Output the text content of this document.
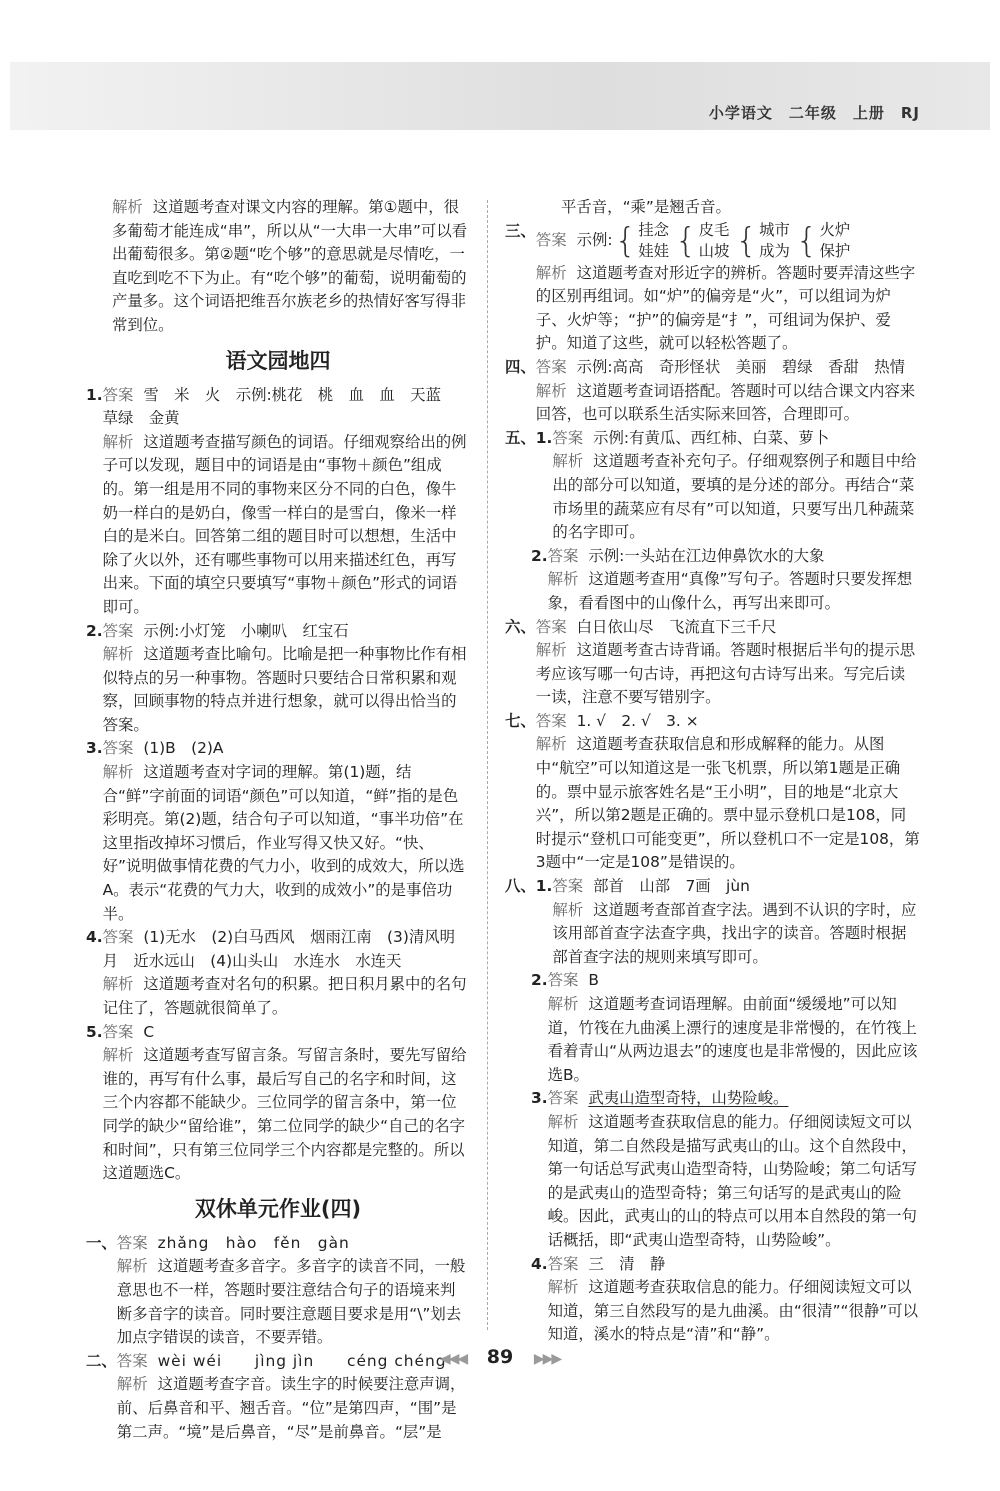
小学语文　二年级　上册　RJ

解析 这道题考查对课文内容的理解。第①题中，很多葡萄才能连成“串”，所以从“一大串一大串”可以看出葡萄很多。第②题“吃个够”的意思就是尽情吃，一直吃到吃不下为止。有“吃个够”的葡萄，说明葡萄的产量多。这个词语把维吾尔族老乡的热情好客写得非常到位。

语文园地四
1. 答案 雪　米　火　示例:桃花　桃　血　血　天蓝　草绿　金黄

解析 这道题考查描写颜色的词语。仔细观察给出的例子可以发现，题目中的词语是由“事物＋颜色”组成的。第一组是用不同的事物来区分不同的白色，像牛奶一样白的是奶白，像雪一样白的是雪白，像米一样白的是米白。回答第二组的题目时可以想想，生活中除了火以外，还有哪些事物可以用来描述红色，再写出来。下面的填空只要填写“事物＋颜色”形式的词语即可。

2. 答案 示例:小灯笼　小喇叭　红宝石

解析 这道题考查比喻句。比喻是把一种事物比作有相似特点的另一种事物。答题时只要结合日常积累和观察，回顾事物的特点并进行想象，就可以得出恰当的答案。

3. 答案 (1)B　(2)A

解析 这道题考查对字词的理解。第(1)题，结合“鲜”字前面的词语“颜色”可以知道，“鲜”指的是色彩明亮。第(2)题，结合句子可以知道，“事半功倍”在这里指改掉坏习惯后，作业写得又快又好。“快、好”说明做事情花费的气力小，收到的成效大，所以选A。表示“花费的气力大，收到的成效小”的是事倍功半。

4. 答案 (1)无水　(2)白马西风　烟雨江南　(3)清风明月　近水远山　(4)山头山　水连水　水连天

解析 这道题考查对名句的积累。把日积月累中的名句记住了，答题就很简单了。

5. 答案 C

解析 这道题考查写留言条。写留言条时，要先写留给谁的，再写有什么事，最后写自己的名字和时间，这三个内容都不能缺少。三位同学的留言条中，第一位同学的缺少“留给谁”，第二位同学的缺少“自己的名字和时间”，只有第三位同学三个内容都是完整的。所以这道题选C。

双休单元作业(四)
一、 答案 zhǎng　hào　fěn　gàn

解析 这道题考查多音字。多音字的读音不同，一般意思也不一样，答题时要注意结合句子的语境来判断多音字的读音。同时要注意题目要求是用“\”划去加点字错误的读音，不要弄错。

二、 答案 wèi wéi　　jìng jìn　　céng chéng

解析 这道题考查字音。读生字的时候要注意声调，前、后鼻音和平、翘舌音。“位”是第四声，“围”是第二声。“境”是后鼻音，“尽”是前鼻音。“层”是

平舌音，“乘”是翘舌音。

三、
答案 示例: { 挂念
娃娃 { 皮毛
山坡 { 城市
成为 { 火炉
保护

解析 这道题考查对形近字的辨析。答题时要弄清这些字的区别再组词。如“炉”的偏旁是“火”，可以组词为炉子、火炉等；“护”的偏旁是“扌”，可组词为保护、爱护。知道了这些，就可以轻松答题了。

四、 答案 示例:高高　奇形怪状　美丽　碧绿　香甜　热情

解析 这道题考查词语搭配。答题时可以结合课文内容来回答，也可以联系生活实际来回答，合理即可。

五、1. 答案 示例:有黄瓜、西红柿、白菜、萝卜

解析 这道题考查补充句子。仔细观察例子和题目中给出的部分可以知道，要填的是分述的部分。再结合“菜市场里的蔬菜应有尽有”可以知道，只要写出几种蔬菜的名字即可。

2. 答案 示例:一头站在江边伸鼻饮水的大象

解析 这道题考查用“真像”写句子。答题时只要发挥想象，看看图中的山像什么，再写出来即可。

六、 答案 白日依山尽　飞流直下三千尺

解析 这道题考查古诗背诵。答题时根据后半句的提示思考应该写哪一句古诗，再把这句古诗写出来。写完后读一读，注意不要写错别字。

七、 答案 1. √　2. √　3. ×

解析 这道题考查获取信息和形成解释的能力。从图中“航空”可以知道这是一张飞机票，所以第1题是正确的。票中显示旅客姓名是“王小明”，目的地是“北京大兴”，所以第2题是正确的。票中显示登机口是108，同时提示“登机口可能变更”，所以登机口不一定是108，第3题中“一定是108”是错误的。

八、1. 答案 部首　山部　7画　jùn

解析 这道题考查部首查字法。遇到不认识的字时，应该用部首查字法查字典，找出字的读音。答题时根据部首查字法的规则来填写即可。

2. 答案 B

解析 这道题考查词语理解。由前面“缓缓地”可以知道，竹筏在九曲溪上漂行的速度是非常慢的，在竹筏上看着青山“从两边退去”的速度也是非常慢的，因此应该选B。

3. 答案 武夷山造型奇特，山势险峻。

解析 这道题考查获取信息的能力。仔细阅读短文可以知道，第二自然段是描写武夷山的山。这个自然段中，第一句话总写武夷山造型奇特，山势险峻；第二句话写的是武夷山的造型奇特；第三句话写的是武夷山的险峻。因此，武夷山的山的特点可以用本自然段的第一句话概括，即“武夷山造型奇特，山势险峻”。

4. 答案 三　清　静

解析 这道题考查获取信息的能力。仔细阅读短文可以知道，第三自然段写的是九曲溪。由“很清”“很静”可以知道，溪水的特点是“清”和“静”。

◀◀◀ 89 ▶▶▶
